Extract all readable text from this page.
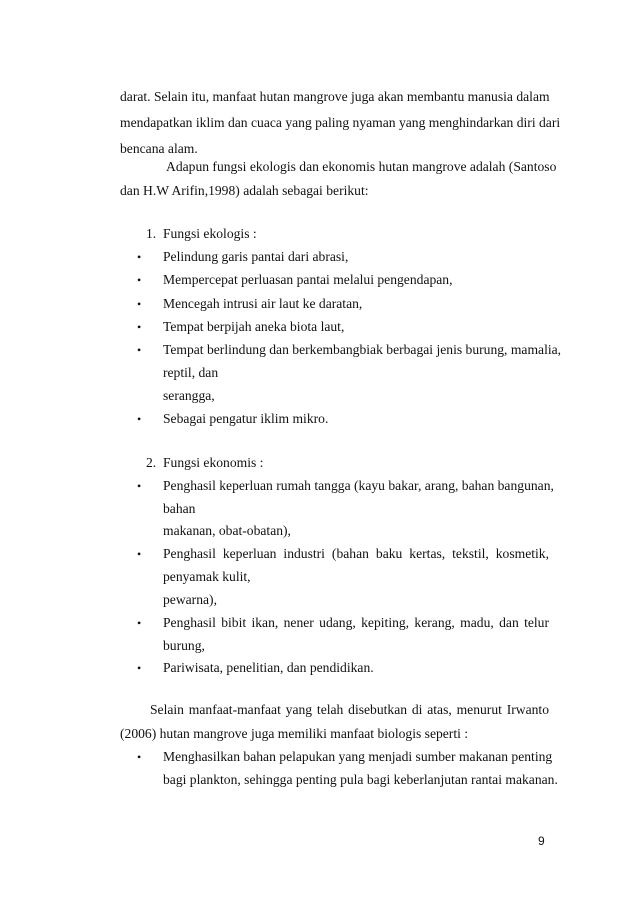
darat. Selain itu, manfaat hutan mangrove juga akan membantu manusia dalam
mendapatkan iklim dan cuaca yang paling nyaman yang menghindarkan diri dari
bencana alam.
Adapun fungsi ekologis dan ekonomis hutan mangrove adalah (Santoso
dan H.W Arifin,1998) adalah sebagai berikut:
1. Fungsi ekologis :
• Pelindung garis pantai dari abrasi,
• Mempercepat perluasan pantai melalui pengendapan,
• Mencegah intrusi air laut ke daratan,
• Tempat berpijah aneka biota laut,
• Tempat berlindung dan berkembangbiak berbagai jenis burung, mamalia,
reptil, dan
serangga,
• Sebagai pengatur iklim mikro.
2. Fungsi ekonomis :
• Penghasil keperluan rumah tangga (kayu bakar, arang, bahan bangunan,
bahan
makanan, obat-obatan),
• Penghasil keperluan industri (bahan baku kertas, tekstil, kosmetik,
penyamak kulit,
pewarna),
• Penghasil bibit ikan, nener udang, kepiting, kerang, madu, dan telur
burung,
• Pariwisata, penelitian, dan pendidikan.
Selain manfaat-manfaat yang telah disebutkan di atas, menurut Irwanto
(2006) hutan mangrove juga memiliki manfaat biologis seperti :
• Menghasilkan bahan pelapukan yang menjadi sumber makanan penting
bagi plankton, sehingga penting pula bagi keberlanjutan rantai makanan.
9
